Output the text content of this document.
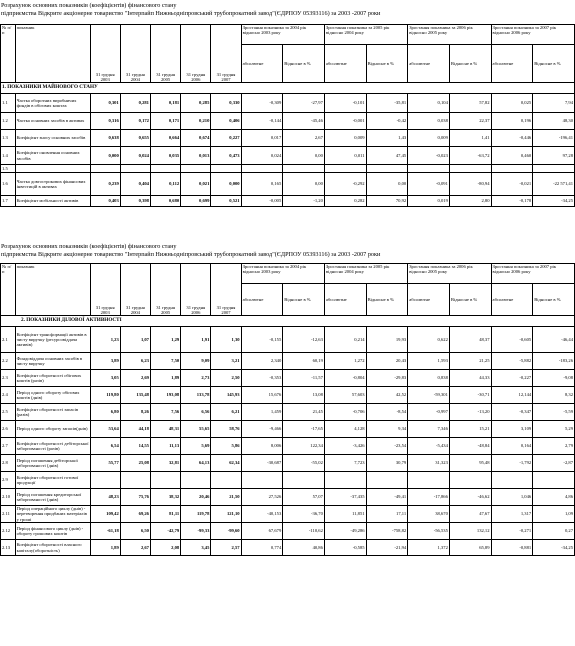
Розрахунок основних показників (коефіцієнтів) фінансового стану
підприємства Відкрите акціонерне товариство "Інтерпайп Нижньодніпровський трубопрокатний завод"(ЄДРПОУ 05393116) за 2003 -2007 роки
№ п/п	показник	31 грудня 2003	31 грудня 2004	31 грудня 2005	31 грудня 2006	31 грудня 2007	Зростання показника за 2004 рік відносно 2003 року		Зростання показника за 2005 рік відносно 2004 року		Зростання показника за 2006 рік відносно 2005 року		Зростання показника за 2007 рік відносно 2006 року	
							абсолютне	Відносне в %	абсолютне	Відносне в %	абсолютне	Відносне в %	абсолютне	Відносне в %
1. ПОКАЗНИКИ МАЙНОВОГО СТАНУ														
1.1	Частка оборотних виробничих фондів в обігових коштах	0,301	0,281	0,181	0,285	0,330	-0,309	-27,97	-0,101	-35,81	0,104	57,82	0,025	7,94
1.2	Частка основних засобів в активах	0,316	0,172	0,171	0,210	0,406	-0,144	-45,46	-0,001	-0,42	0,038	22,37	0,196	48,30
1.3	Коефіцієнт зносу основних засобів	0,638	0,655	0,664	0,674	0,227	0,017	2,67	0,009	1,43	0,009	1,41	-0,446	-196,41
1.4	Коефіцієнт оновлення основних засобів	0,000	0,024	0,035	0,013	0,473	0,024	0,00	0,011	47,45	-0,023	-63,72	0,460	97,28
1.5														
1.6	Частка довгострокових фінансових інвестицій в активах	0,239	0,404	0,112	0,021	0,000	0,165	0,00	-0,292	0,00	-0,091	-80,94	-0,021	-22 571,41
1.7	Коефіцієнт мобільності активів	0,403	0,398	0,680	0,699	0,521	-0,005	-1,20	0,282	70,92	0,019	2,80	-0,178	-34,25
Розрахунок основних показників (коефіцієнтів) фінансового стану
підприємства Відкрите акціонерне товариство "Інтерпайп Нижньодніпровський трубопрокатний завод"(ЄДРПОУ 05393116) за 2003 -2007 роки
№ п/п	показник	31 грудня 2003	31 грудня 2004	31 грудня 2005	31 грудня 2006	31 грудня 2007	Зростання показника за 2004 рік відносно 2003 року		Зростання показника за 2005 рік відносно 2004 року		Зростання показника за 2006 рік відносно 2005 року		Зростання показника за 2007 рік відносно 2006 року	
							абсолютне	Відносне в %	абсолютне	Відносне в %	абсолютне	Відносне в %	абсолютне	Відносне в %
2. ПОКАЗНИКИ ДІЛОВОЇ АКТИВНОСТІ														
2.1	Коефіцієнт трансформації активів в чисту виручку (ресурсовіддача активів)	1,23	1,07	1,29	1,91	1,30	-0,155	-12,63	0,214	19,93	0,622	48,37	-0,605	-46,44
2.2	Фондовіддача основних засобів в чисту виручку	3,89	6,23	7,50	9,09	3,21	2,340	60,19	1,272	20,43	1,593	21,25	-5,882	-183,26
2.3	Коефіцієнт оборотності обігових коштів (разів)	3,05	2,69	1,89	2,73	2,50	-0,353	-11,57	-0,804	-29,83	0,838	44,33	-0,227	-9,08
2.4	Період одного обороту обігових коштів (днів)	119,80	135,48	193,08	133,78	145,93	15,676	13,08	57,603	42,52	-59,301	-30,71	12,144	8,32
2.5	Коефіцієнт оборотності запасів (разів)	6,80	8,26	7,56	6,56	6,21	1,459	21,45	-0,706	-8,54	-0,997	-13,20	-0,347	-5,59
2.6	Період одного обороту запасів(днів)	53,64	44,18	48,31	55,65	58,76	-9,466	-17,65	4,128	9,34	7,346	15,21	3,109	5,29
2.7	Коефіцієнт оборотності дебіторської заборгованості (разів)	6,54	14,55	11,13	5,69	5,86	8,006	122,34	-3,426	-23,54	-5,434	-48,84	0,164	2,79
2.8	Період погашення дебіторської заборгованості (днів)	55,77	25,08	32,81	64,13	62,34	-30,687	-55,02	7,723	30,79	31,323	95,48	-1,792	-2,87
2.9	Коефіцієнт оборотності готової продукції													
2.10	Період погашення кредиторської заборгованості (днів)	48,23	75,76	38,32	20,46	21,50	27,526	57,07	-37,435	-49,41	-17,866	-46,62	1,046	4,86
2.11	Період операційного циклу (днів) - перетворення придбаних матеріалів у гроші	109,42	69,26	81,11	119,78	121,10	-40,153	-36,70	11,851	17,11	38,670	47,67	1,317	1,09
2.12	Період фінансового циклу (днів) - обороту грошових коштів	-61,18	6,50	-42,79	-99,33	-99,60	67,679	-110,62	-49,286	-758,82	-56,535	132,12	-0,271	0,27
2.13	Коефіцієнт оборотності власного капіталу(оборотність)	1,89	2,67	2,08	3,45	2,57	0,774	40,86	-0,585	-21,94	1,372	65,89	-0,881	-34,25
